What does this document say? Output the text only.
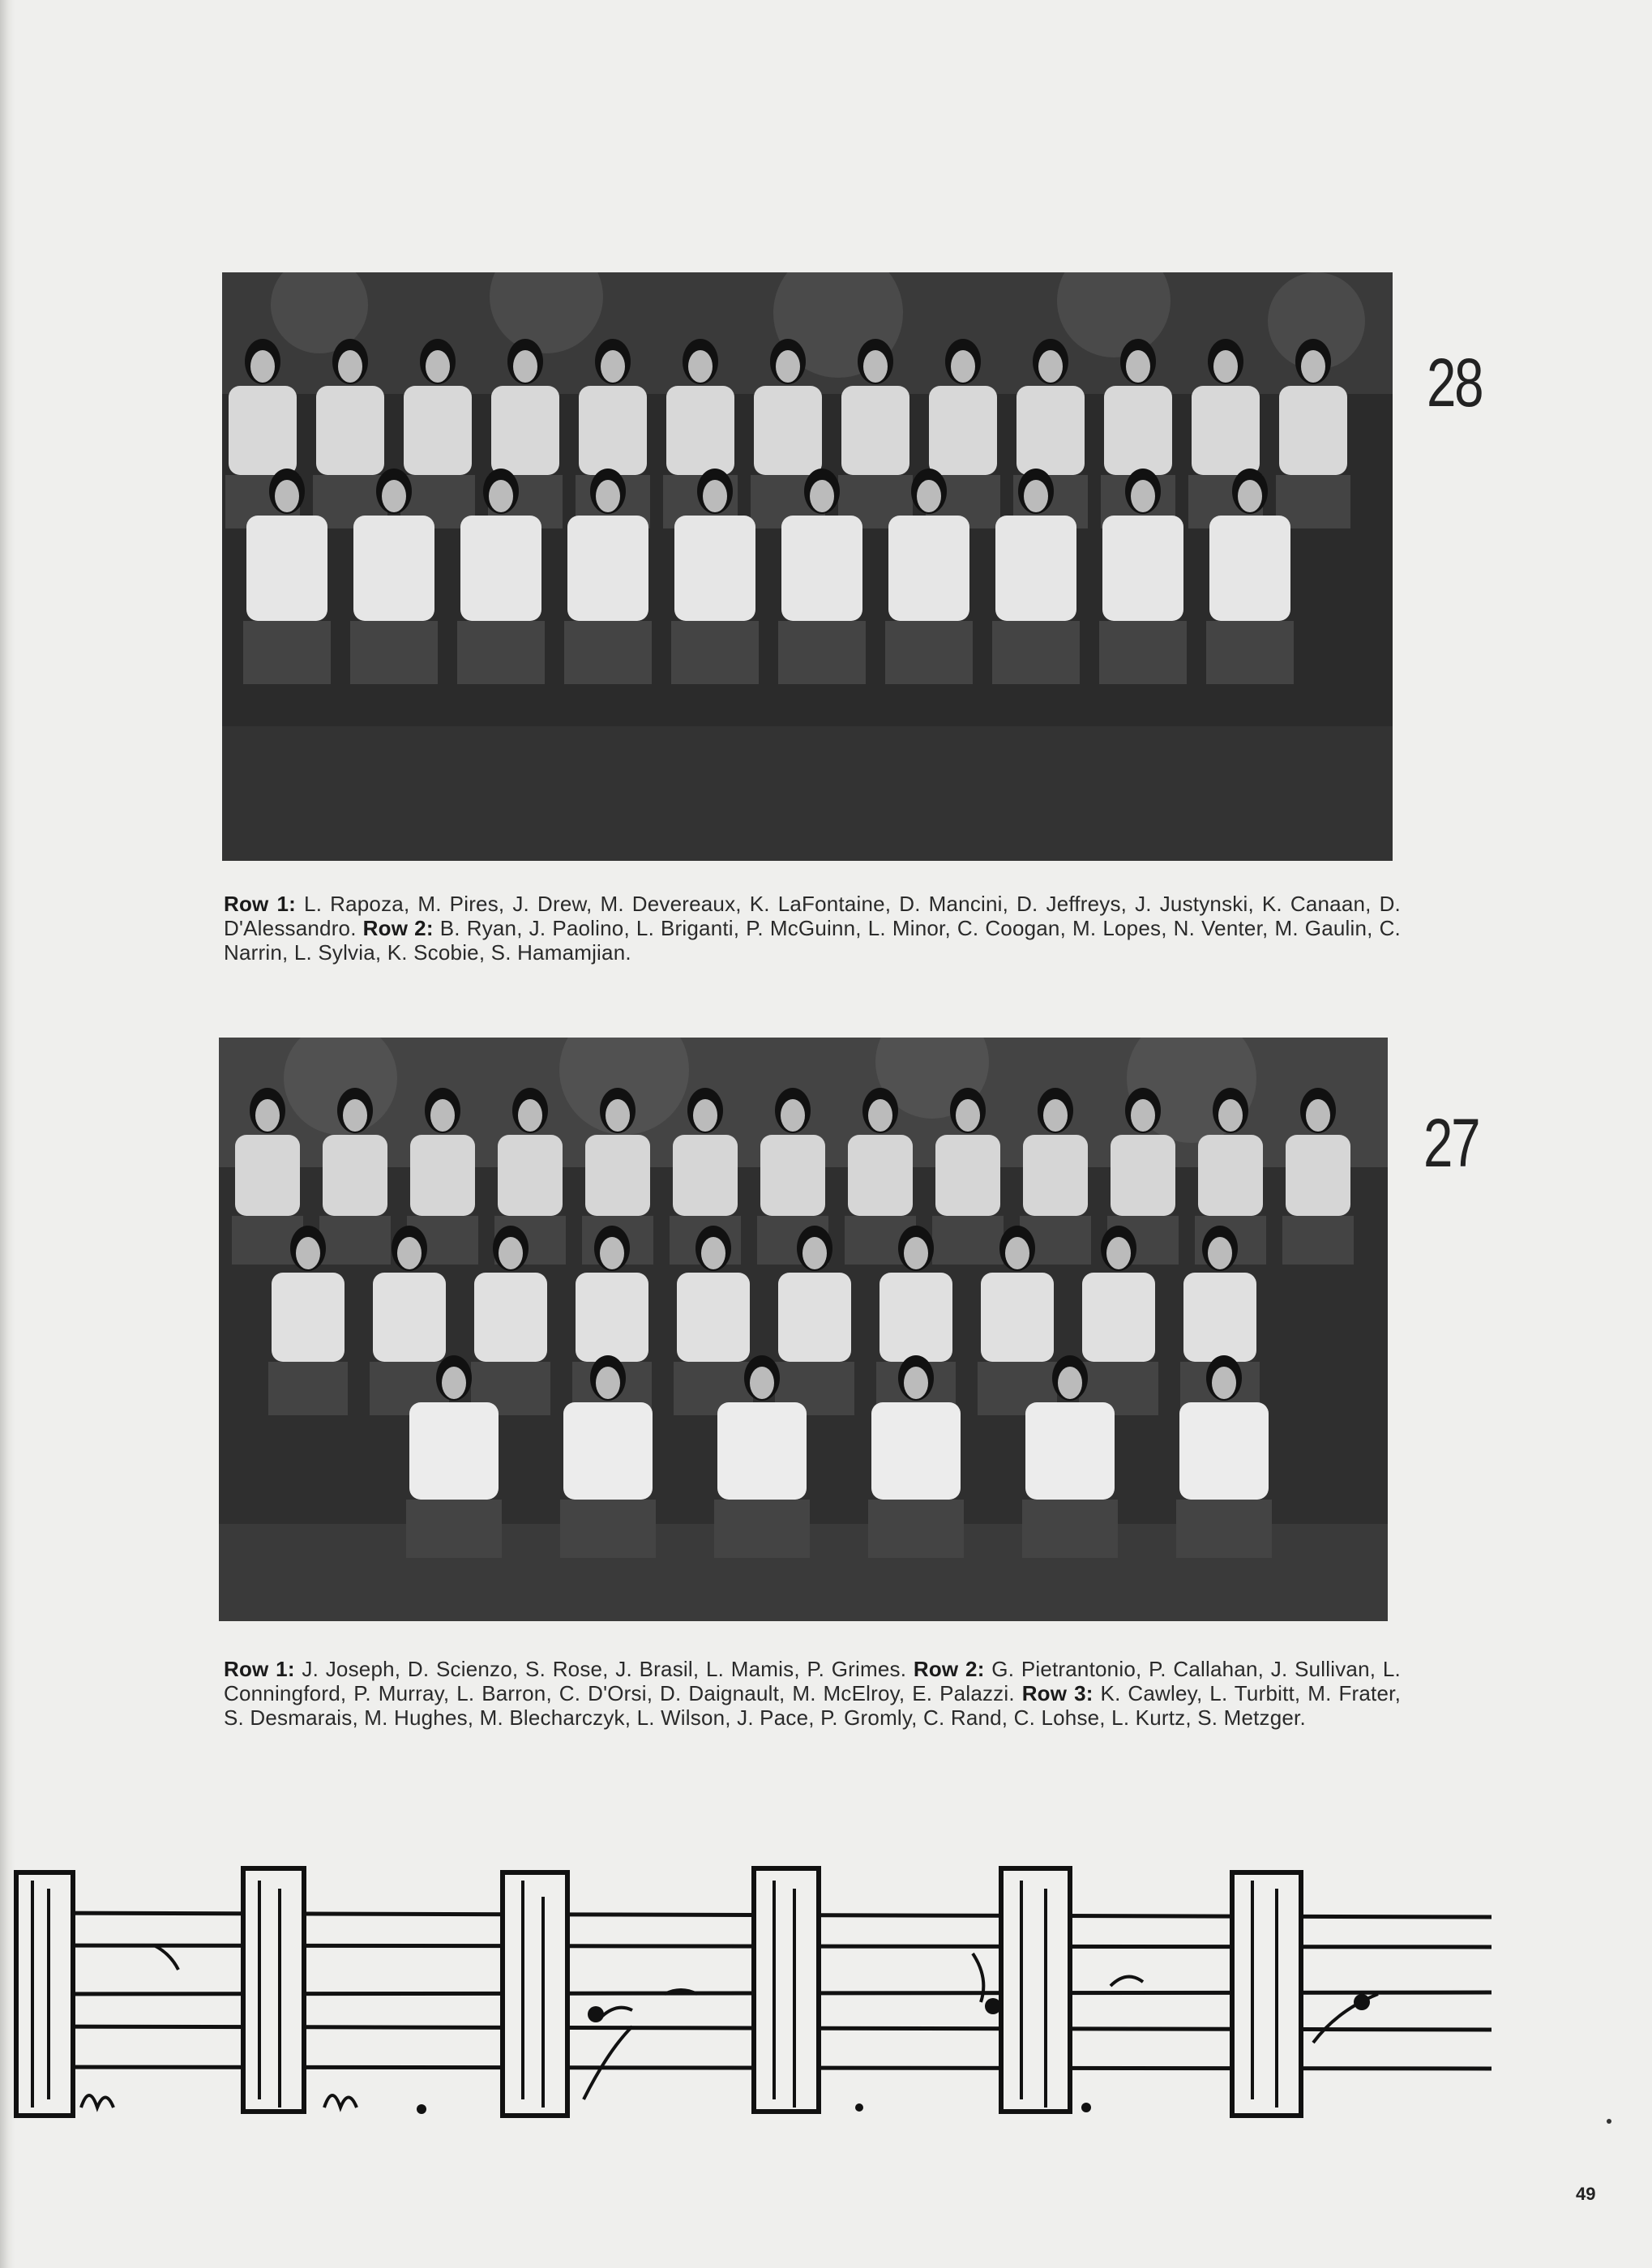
28
Row 1: L. Rapoza, M. Pires, J. Drew, M. Devereaux, K. LaFontaine, D. Mancini, D. Jeffreys, J. Justynski, K. Canaan, D. D'Alessandro. Row 2: B. Ryan, J. Paolino, L. Briganti, P. McGuinn, L. Minor, C. Coogan, M. Lopes, N. Venter, M. Gaulin, C. Narrin, L. Sylvia, K. Scobie, S. Hamamjian.
27
Row 1: J. Joseph, D. Scienzo, S. Rose, J. Brasil, L. Mamis, P. Grimes. Row 2: G. Pietrantonio, P. Callahan, J. Sullivan, L. Conningford, P. Murray, L. Barron, C. D'Orsi, D. Daignault, M. McElroy, E. Palazzi. Row 3: K. Cawley, L. Turbitt, M. Frater, S. Desmarais, M. Hughes, M. Blecharczyk, L. Wilson, J. Pace, P. Gromly, C. Rand, C. Lohse, L. Kurtz, S. Metzger.
49
